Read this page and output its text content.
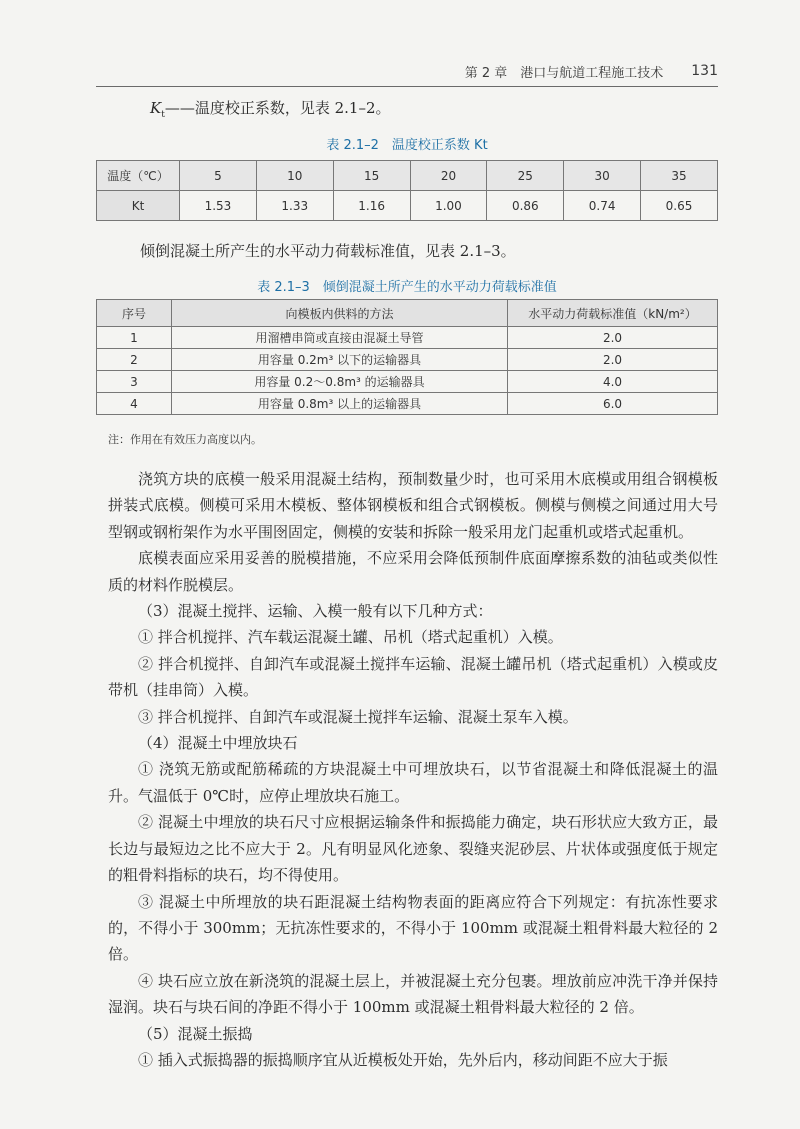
第 2 章　港口与航道工程施工技术 131
$K_t——$温度校正系数，见表 2.1–2。
表 2.1–2　温度校正系数 Kt
温度（℃）	5	10	15	20	25	30	35
Kt	1.53	1.33	1.16	1.00	0.86	0.74	0.65
倾倒混凝土所产生的水平动力荷载标准值，见表 2.1–3。
表 2.1–3　倾倒混凝土所产生的水平动力荷载标准值
序号	向模板内供料的方法	水平动力荷载标准值（kN/m²）
1	用溜槽串筒或直接由混凝土导管	2.0
2	用容量 0.2m³ 以下的运输器具	2.0
3	用容量 0.2～0.8m³ 的运输器具	4.0
4	用容量 0.8m³ 以上的运输器具	6.0
注：作用在有效压力高度以内。

浇筑方块的底模一般采用混凝土结构，预制数量少时，也可采用木底模或用组合钢模板拼装式底模。侧模可采用木模板、整体钢模板和组合式钢模板。侧模与侧模之间通过用大号型钢或钢桁架作为水平围囹固定，侧模的安装和拆除一般采用龙门起重机或塔式起重机。

底模表面应采用妥善的脱模措施，不应采用会降低预制件底面摩擦系数的油毡或类似性质的材料作脱模层。

（3）混凝土搅拌、运输、入模一般有以下几种方式：

① 拌合机搅拌、汽车载运混凝土罐、吊机（塔式起重机）入模。

② 拌合机搅拌、自卸汽车或混凝土搅拌车运输、混凝土罐吊机（塔式起重机）入模或皮带机（挂串筒）入模。

③ 拌合机搅拌、自卸汽车或混凝土搅拌车运输、混凝土泵车入模。

（4）混凝土中埋放块石

① 浇筑无筋或配筋稀疏的方块混凝土中可埋放块石，以节省混凝土和降低混凝土的温升。气温低于 0℃时，应停止埋放块石施工。

② 混凝土中埋放的块石尺寸应根据运输条件和振捣能力确定，块石形状应大致方正，最长边与最短边之比不应大于 2。凡有明显风化迹象、裂缝夹泥砂层、片状体或强度低于规定的粗骨料指标的块石，均不得使用。

③ 混凝土中所埋放的块石距混凝土结构物表面的距离应符合下列规定：有抗冻性要求的，不得小于 300mm；无抗冻性要求的，不得小于 100mm 或混凝土粗骨料最大粒径的 2 倍。

④ 块石应立放在新浇筑的混凝土层上，并被混凝土充分包裹。埋放前应冲洗干净并保持湿润。块石与块石间的净距不得小于 100mm 或混凝土粗骨料最大粒径的 2 倍。

（5）混凝土振捣

① 插入式振捣器的振捣顺序宜从近模板处开始，先外后内，移动间距不应大于振
